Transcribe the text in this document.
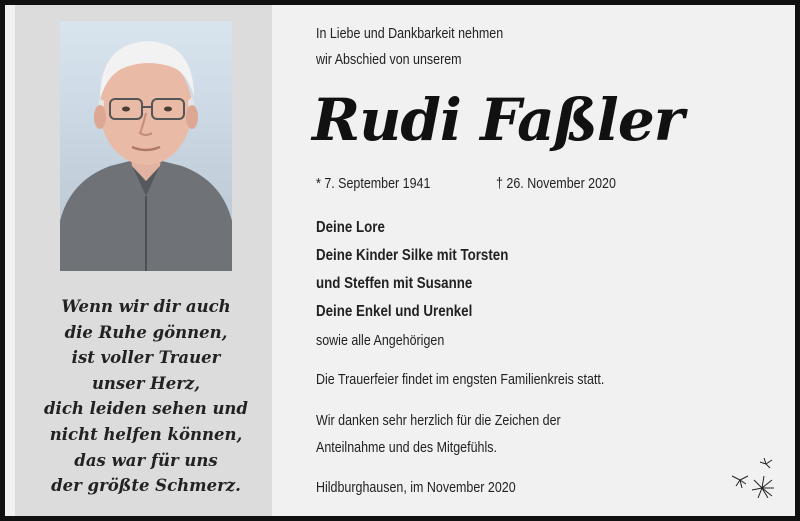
Wenn wir dir auch
die Ruhe gönnen,
ist voller Trauer
unser Herz,
dich leiden sehen und
nicht helfen können,
das war für uns
der größte Schmerz.
In Liebe und Dankbarkeit nehmen
wir Abschied von unserem
Rudi Faßler
* 7. September 1941	† 26. November 2020
Deine Lore
Deine Kinder Silke mit Torsten
und Steffen mit Susanne
Deine Enkel und Urenkel
sowie alle Angehörigen
Die Trauerfeier findet im engsten Familienkreis statt.
Wir danken sehr herzlich für die Zeichen der
Anteilnahme und des Mitgefühls.
Hildburghausen, im November 2020
